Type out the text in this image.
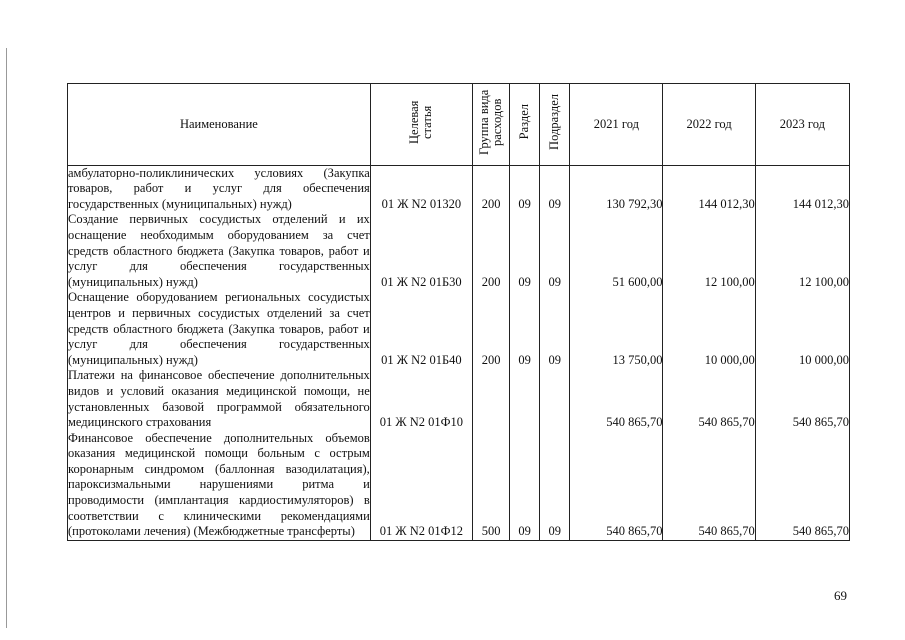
Наименование	Целевая статья	Группа вида расходов	Раздел	Подраздел	2021 год	2022 год	2023 год
амбулаторно-поликлинических условиях (Закупка товаров, работ и услуг для обеспечения государственных (муниципальных) нужд)	01 Ж N2 01320	200	09	09	130 792,30	144 012,30	144 012,30
Создание первичных сосудистых отделений и их оснащение необходимым оборудованием за счет средств областного бюджета (Закупка товаров, работ и услуг для обеспечения государственных (муниципальных) нужд)	01 Ж N2 01Б30	200	09	09	51 600,00	12 100,00	12 100,00
Оснащение оборудованием региональных сосудистых центров и первичных сосудистых отделений за счет средств областного бюджета (Закупка товаров, работ и услуг для обеспечения государственных (муниципальных) нужд)	01 Ж N2 01Б40	200	09	09	13 750,00	10 000,00	10 000,00
Платежи на финансовое обеспечение дополнительных видов и условий оказания медицинской помощи, не установленных базовой программой обязательного медицинского страхования	01 Ж N2 01Ф10				540 865,70	540 865,70	540 865,70
Финансовое обеспечение дополнительных объемов оказания медицинской помощи больным с острым коронарным синдромом (баллонная вазодилатация), пароксизмальными нарушениями ритма и проводимости (имплантация кардиостимуляторов) в соответствии с клиническими рекомендациями (протоколами лечения) (Межбюджетные трансферты)	01 Ж N2 01Ф12	500	09	09	540 865,70	540 865,70	540 865,70
69
